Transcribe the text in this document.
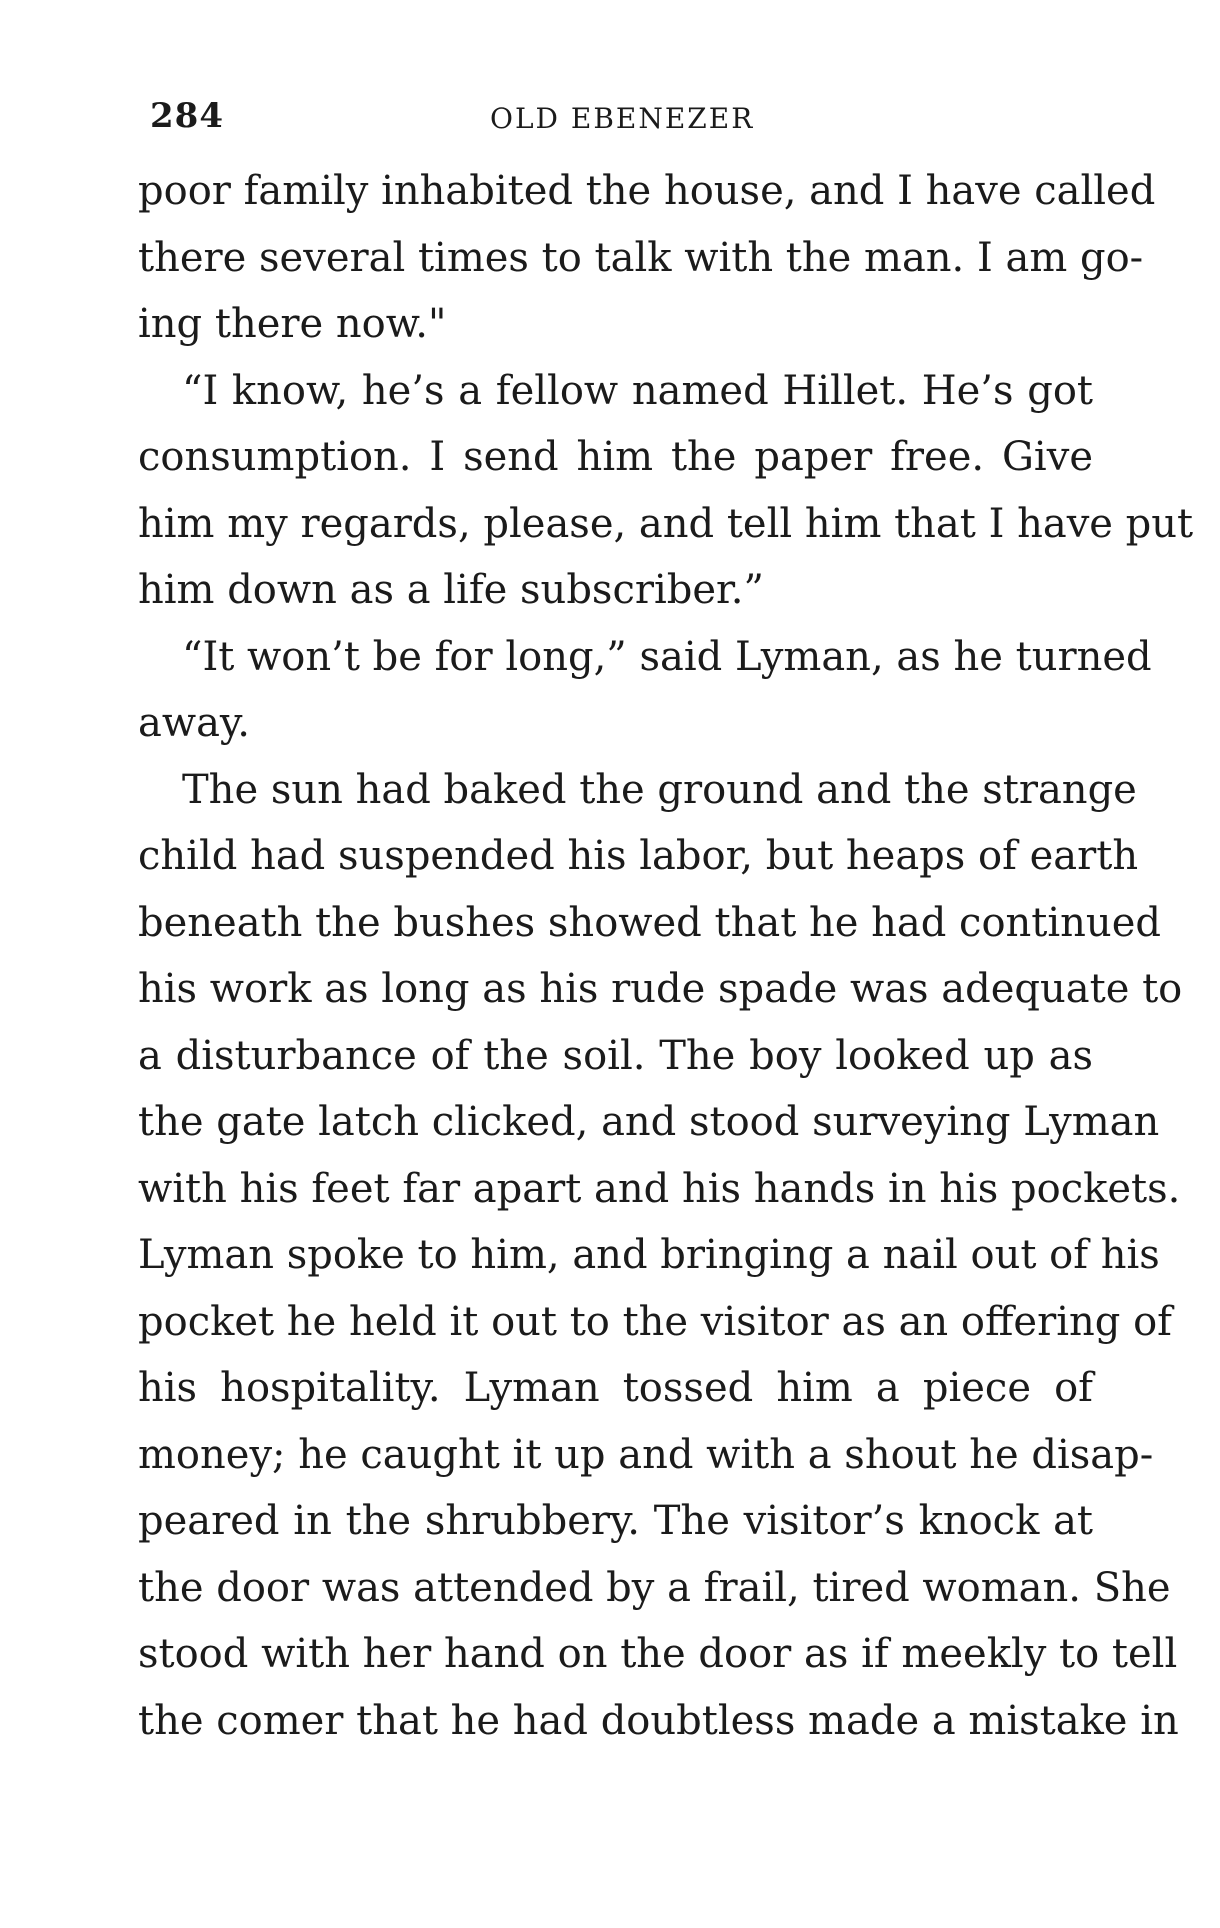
284	OLD EBENEZER
poor family inhabited the house, and I have called
there several times to talk with the man. I am go-
ing there now."
“I know, he’s a fellow named Hillet. He’s got
consumption. I send him the paper free. Give
him my regards, please, and tell him that I have put
him down as a life subscriber.”
“It won’t be for long,” said Lyman, as he turned
away.
The sun had baked the ground and the strange
child had suspended his labor, but heaps of earth
beneath the bushes showed that he had continued
his work as long as his rude spade was adequate to
a disturbance of the soil. The boy looked up as
the gate latch clicked, and stood surveying Lyman
with his feet far apart and his hands in his pockets.
Lyman spoke to him, and bringing a nail out of his
pocket he held it out to the visitor as an offering of
his hospitality. Lyman tossed him a piece of
money; he caught it up and with a shout he disap-
peared in the shrubbery. The visitor’s knock at
the door was attended by a frail, tired woman. She
stood with her hand on the door as if meekly to tell
the comer that he had doubtless made a mistake in
